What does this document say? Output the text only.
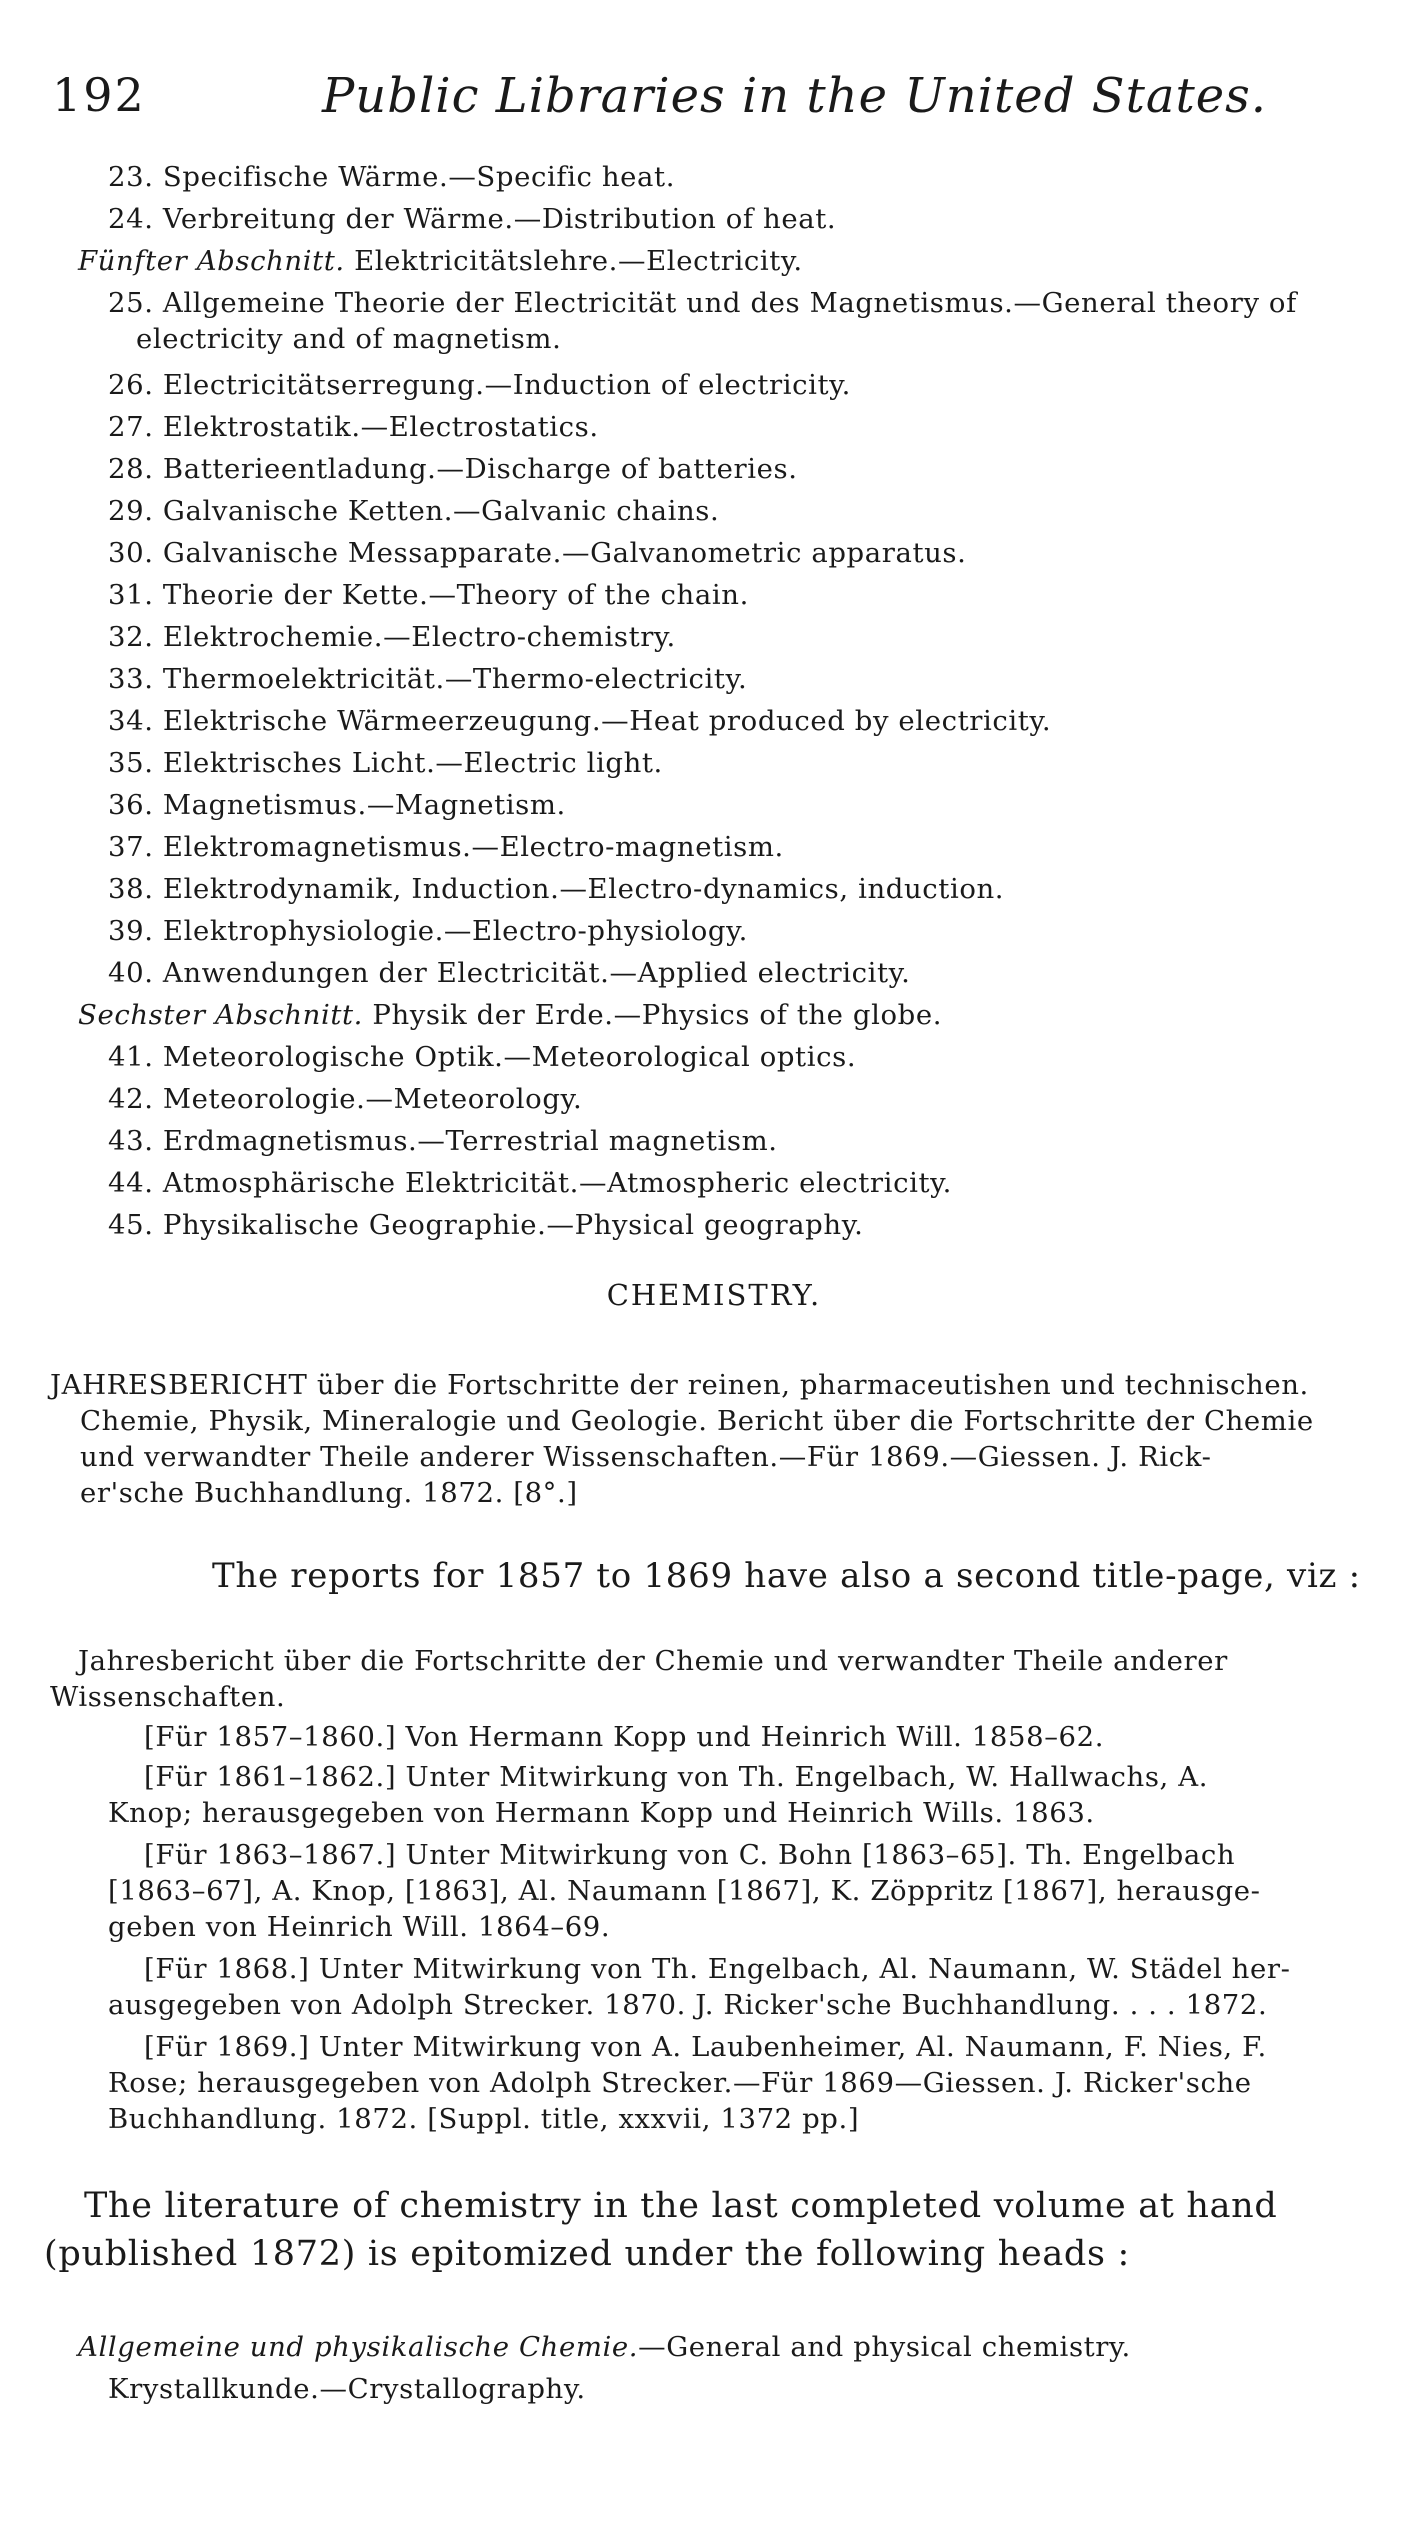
192	Public Libraries in the United States.
23. Specifische Wärme.—Specific heat.
24. Verbreitung der Wärme.—Distribution of heat.
Fünfter Abschnitt. Elektricitätslehre.—Electricity.
25. Allgemeine Theorie der Electricität und des Magnetismus.—General theory of
electricity and of magnetism.
26. Electricitätserregung.—Induction of electricity.
27. Elektrostatik.—Electrostatics.
28. Batterieentladung.—Discharge of batteries.
29. Galvanische Ketten.—Galvanic chains.
30. Galvanische Messapparate.—Galvanometric apparatus.
31. Theorie der Kette.—Theory of the chain.
32. Elektrochemie.—Electro-chemistry.
33. Thermoelektricität.—Thermo-electricity.
34. Elektrische Wärmeerzeugung.—Heat produced by electricity.
35. Elektrisches Licht.—Electric light.
36. Magnetismus.—Magnetism.
37. Elektromagnetismus.—Electro-magnetism.
38. Elektrodynamik, Induction.—Electro-dynamics, induction.
39. Elektrophysiologie.—Electro-physiology.
40. Anwendungen der Electricität.—Applied electricity.
Sechster Abschnitt. Physik der Erde.—Physics of the globe.
41. Meteorologische Optik.—Meteorological optics.
42. Meteorologie.—Meteorology.
43. Erdmagnetismus.—Terrestrial magnetism.
44. Atmosphärische Elektricität.—Atmospheric electricity.
45. Physikalische Geographie.—Physical geography.
CHEMISTRY.
JAHRESBERICHT über die Fortschritte der reinen, pharmaceutishen und technischen.
Chemie, Physik, Mineralogie und Geologie. Bericht über die Fortschritte der Chemie
und verwandter Theile anderer Wissenschaften.—Für 1869.—Giessen. J. Rick-
er'sche Buchhandlung. 1872. [8°.]
The reports for 1857 to 1869 have also a second title-page, viz :
Jahresbericht über die Fortschritte der Chemie und verwandter Theile anderer
Wissenschaften.
[Für 1857–1860.] Von Hermann Kopp und Heinrich Will. 1858–62.
[Für 1861–1862.] Unter Mitwirkung von Th. Engelbach, W. Hallwachs, A.
Knop; herausgegeben von Hermann Kopp und Heinrich Wills. 1863.
[Für 1863–1867.] Unter Mitwirkung von C. Bohn [1863–65]. Th. Engelbach
[1863–67], A. Knop, [1863], Al. Naumann [1867], K. Zöppritz [1867], herausge-
geben von Heinrich Will. 1864–69.
[Für 1868.] Unter Mitwirkung von Th. Engelbach, Al. Naumann, W. Städel her-
ausgegeben von Adolph Strecker. 1870. J. Ricker'sche Buchhandlung. . . . 1872.
[Für 1869.] Unter Mitwirkung von A. Laubenheimer, Al. Naumann, F. Nies, F.
Rose; herausgegeben von Adolph Strecker.—Für 1869—Giessen. J. Ricker'sche
Buchhandlung. 1872. [Suppl. title, xxxvii, 1372 pp.]
The literature of chemistry in the last completed volume at hand
(published 1872) is epitomized under the following heads :
Allgemeine und physikalische Chemie.—General and physical chemistry.
Krystallkunde.—Crystallography.
